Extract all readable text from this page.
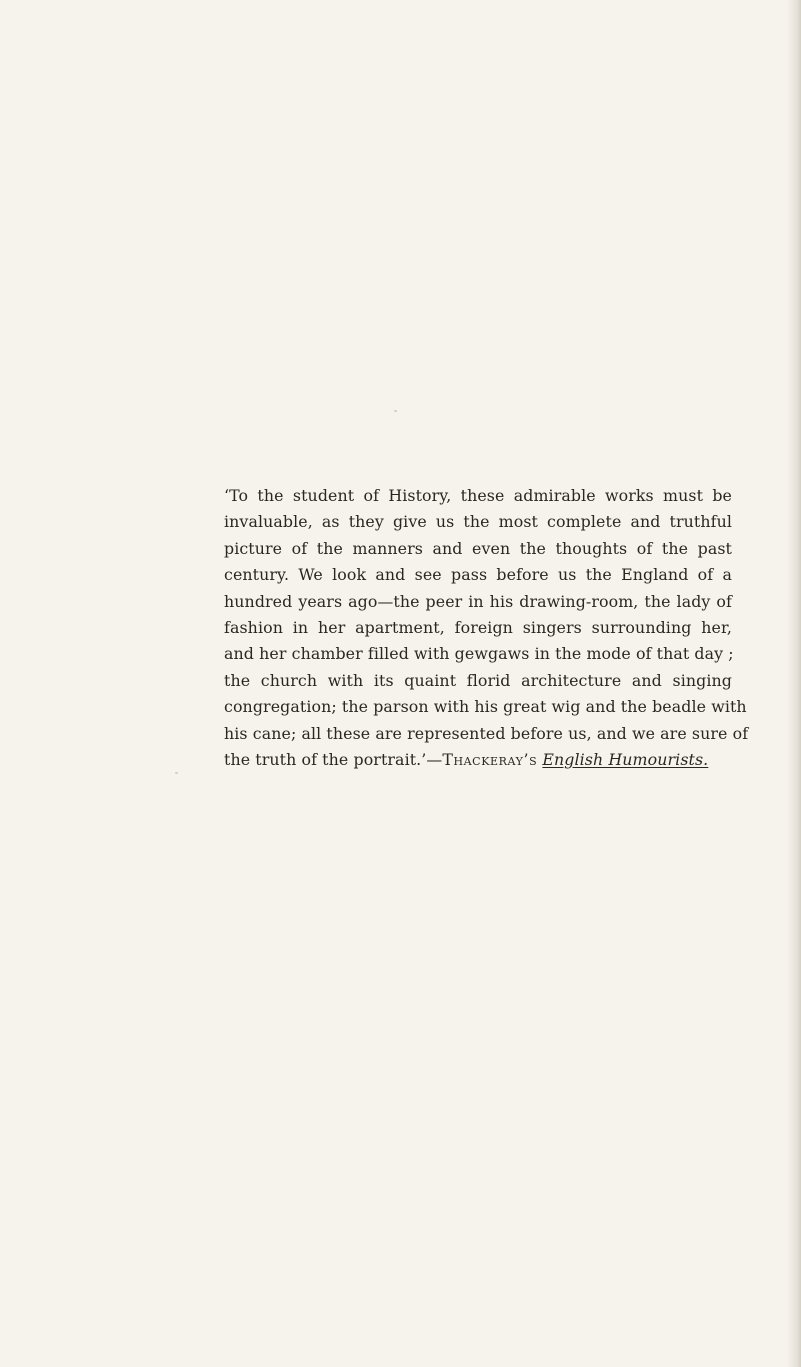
‘To the student of History, these admirable works must be
invaluable, as they give us the most complete and truthful
picture of the manners and even the thoughts of the past
century. We look and see pass before us the England of a
hundred years ago—the peer in his drawing-room, the lady of
fashion in her apartment, foreign singers surrounding her,
and her chamber filled with gewgaws in the mode of that day ;
the church with its quaint florid architecture and singing
congregation; the parson with his great wig and the beadle with
his cane; all these are represented before us, and we are sure of
the truth of the portrait.’—Thackeray’s English Humourists.
